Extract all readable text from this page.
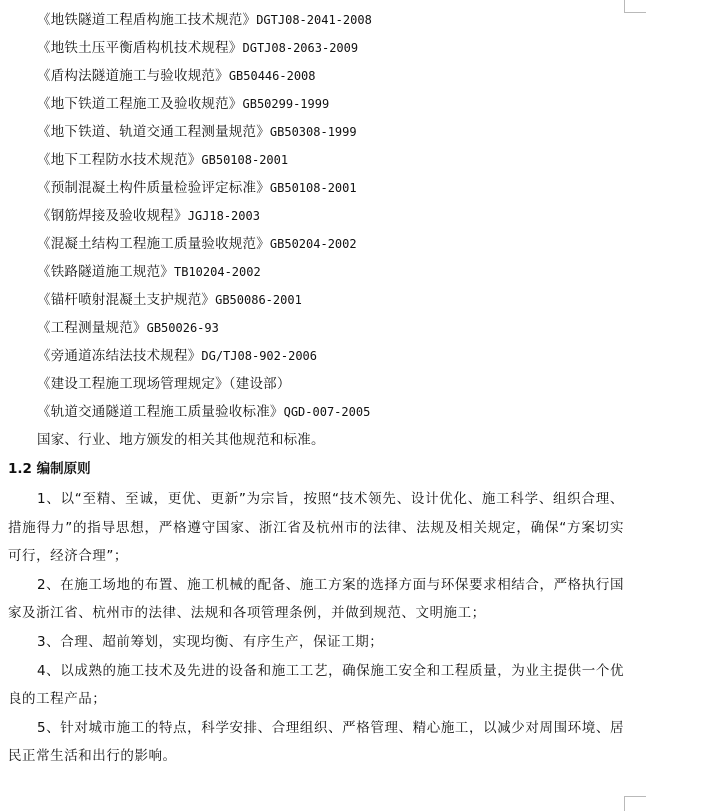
《地铁隧道工程盾构施工技术规范》DGTJ08-2041-2008
《地铁土压平衡盾构机技术规程》DGTJ08-2063-2009
《盾构法隧道施工与验收规范》GB50446-2008
《地下铁道工程施工及验收规范》GB50299-1999
《地下铁道、轨道交通工程测量规范》GB50308-1999
《地下工程防水技术规范》GB50108-2001
《预制混凝土构件质量检验评定标准》GB50108-2001
《钢筋焊接及验收规程》JGJ18-2003
《混凝土结构工程施工质量验收规范》GB50204-2002
《铁路隧道施工规范》TB10204-2002
《锚杆喷射混凝土支护规范》GB50086-2001
《工程测量规范》GB50026-93
《旁通道冻结法技术规程》DG/TJ08-902-2006
《建设工程施工现场管理规定》（建设部）
《轨道交通隧道工程施工质量验收标准》QGD-007-2005
国家、行业、地方颁发的相关其他规范和标准。
1.2 编制原则

1、以“至精、至诚，更优、更新”为宗旨，按照“技术领先、设计优化、施工科学、组织合理、措施得力”的指导思想，严格遵守国家、浙江省及杭州市的法律、法规及相关规定，确保“方案切实可行，经济合理”；

2、在施工场地的布置、施工机械的配备、施工方案的选择方面与环保要求相结合，严格执行国家及浙江省、杭州市的法律、法规和各项管理条例，并做到规范、文明施工；

3、合理、超前筹划，实现均衡、有序生产，保证工期；

4、以成熟的施工技术及先进的设备和施工工艺，确保施工安全和工程质量，为业主提供一个优良的工程产品；

5、针对城市施工的特点，科学安排、合理组织、严格管理、精心施工，以减少对周围环境、居民正常生活和出行的影响。
